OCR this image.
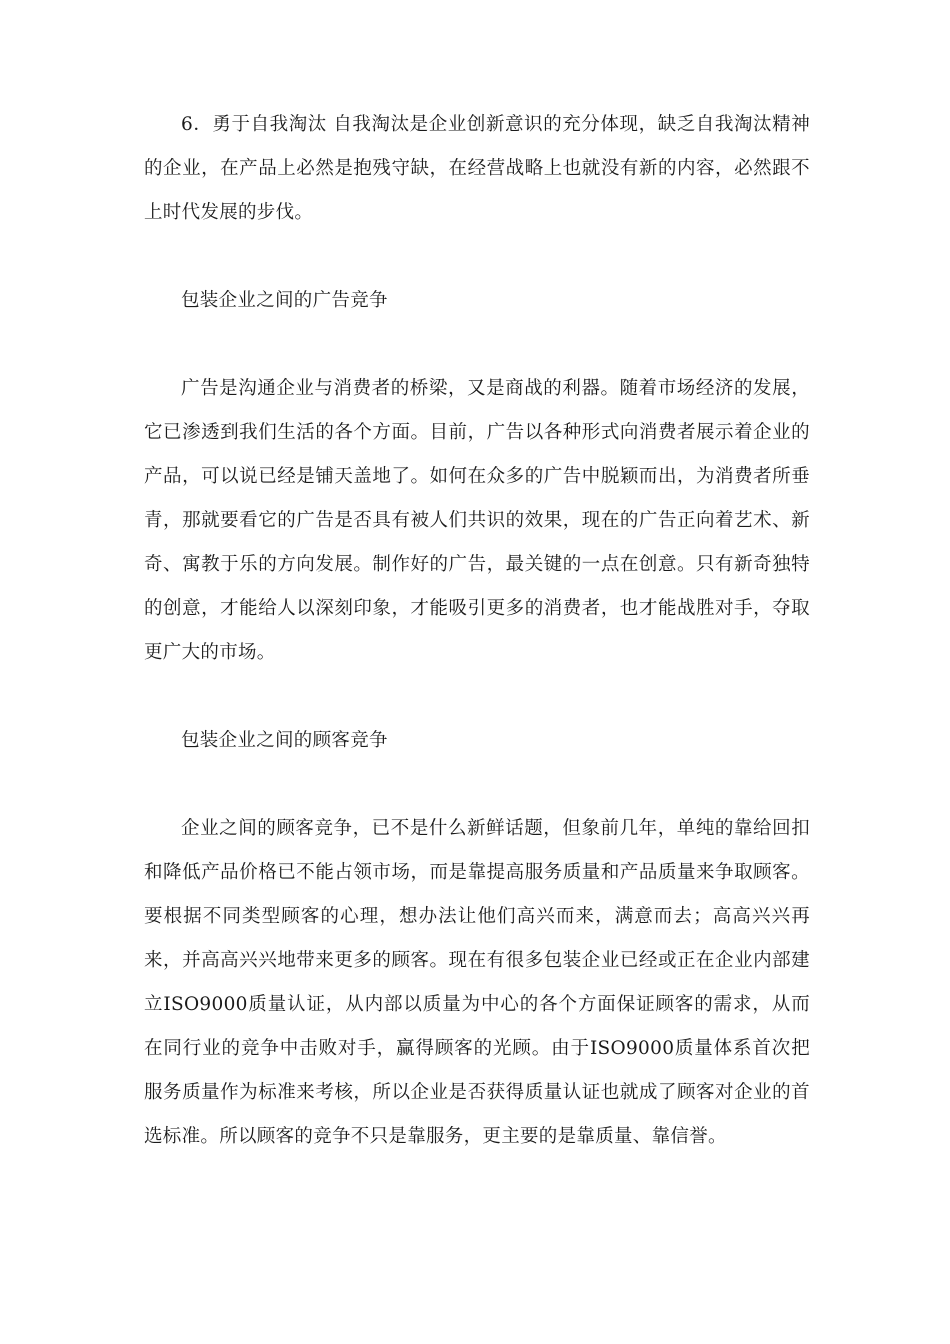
6．勇于自我淘汰 自我淘汰是企业创新意识的充分体现，缺乏自我淘汰精神的企业，在产品上必然是抱残守缺，在经营战略上也就没有新的内容，必然跟不上时代发展的步伐。

包装企业之间的广告竞争

广告是沟通企业与消费者的桥梁，又是商战的利器。随着市场经济的发展，它已渗透到我们生活的各个方面。目前，广告以各种形式向消费者展示着企业的产品，可以说已经是铺天盖地了。如何在众多的广告中脱颖而出，为消费者所垂青，那就要看它的广告是否具有被人们共识的效果，现在的广告正向着艺术、新奇、寓教于乐的方向发展。制作好的广告，最关键的一点在创意。只有新奇独特的创意，才能给人以深刻印象，才能吸引更多的消费者，也才能战胜对手，夺取更广大的市场。

包装企业之间的顾客竞争

企业之间的顾客竞争，已不是什么新鲜话题，但象前几年，单纯的靠给回扣和降低产品价格已不能占领市场，而是靠提高服务质量和产品质量来争取顾客。要根据不同类型顾客的心理，想办法让他们高兴而来，满意而去；高高兴兴再来，并高高兴兴地带来更多的顾客。现在有很多包装企业已经或正在企业内部建立ISO9000质量认证，从内部以质量为中心的各个方面保证顾客的需求，从而在同行业的竞争中击败对手，赢得顾客的光顾。由于ISO9000质量体系首次把服务质量作为标准来考核，所以企业是否获得质量认证也就成了顾客对企业的首选标准。所以顾客的竞争不只是靠服务，更主要的是靠质量、靠信誉。
